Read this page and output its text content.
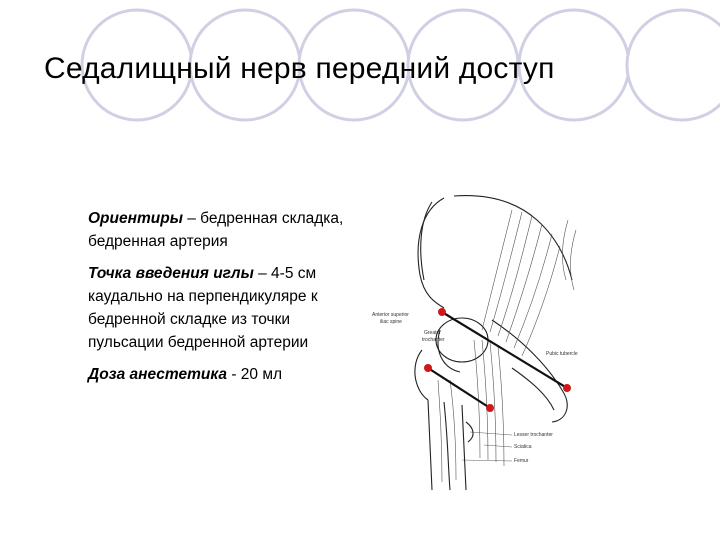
Седалищный нерв передний доступ

Ориентиры – бедренная складка,
бедренная артерия

Точка введения иглы – 4-5 см
каудально на перпендикуляре к
бедренной складке из точки
пульсации бедренной артерии

Доза анестетика - 20 мл

Anterior superior
iliac spine
Greater
trochanter
Pubic tubercle
Lesser trochanter
Sciatica
Femur
